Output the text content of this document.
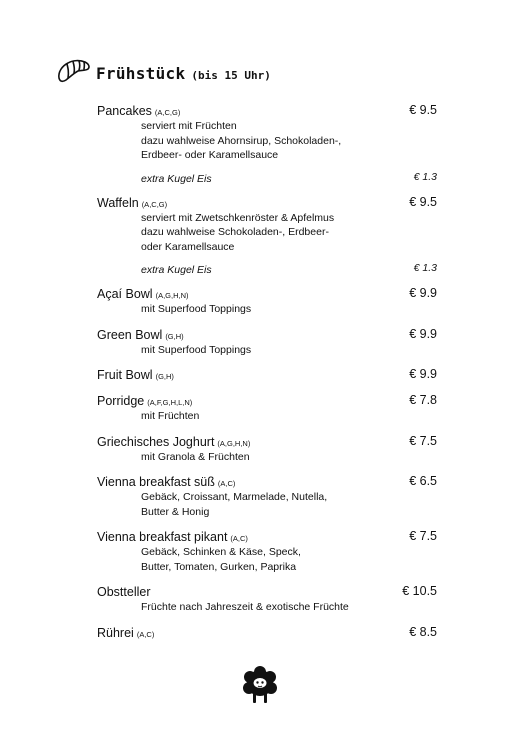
Frühstück (bis 15 Uhr)
Pancakes (A,C,G)	€ 9.5
serviert mit Früchten
dazu wahlweise Ahornsirup, Schokoladen-,
Erdbeer- oder Karamellsauce
extra Kugel Eis	€ 1.3
Waffeln (A,C,G)	€ 9.5
serviert mit Zwetschkenröster & Apfelmus
dazu wahlweise Schokoladen-, Erdbeer-
oder Karamellsauce
extra Kugel Eis	€ 1.3
Açaí Bowl (A,G,H,N)	€ 9.9
mit Superfood Toppings
Green Bowl (G,H)	€ 9.9
mit Superfood Toppings
Fruit Bowl (G,H)	€ 9.9
Porridge (A,F,G,H,L,N)	€ 7.8
mit Früchten
Griechisches Joghurt (A,G,H,N)	€ 7.5
mit Granola & Früchten
Vienna breakfast süß (A,C)	€ 6.5
Gebäck, Croissant, Marmelade, Nutella,
Butter & Honig
Vienna breakfast pikant (A,C)	€ 7.5
Gebäck, Schinken & Käse, Speck,
Butter, Tomaten, Gurken, Paprika
Obstteller	€ 10.5
Früchte nach Jahreszeit & exotische Früchte
Rührei (A,C)	€ 8.5
